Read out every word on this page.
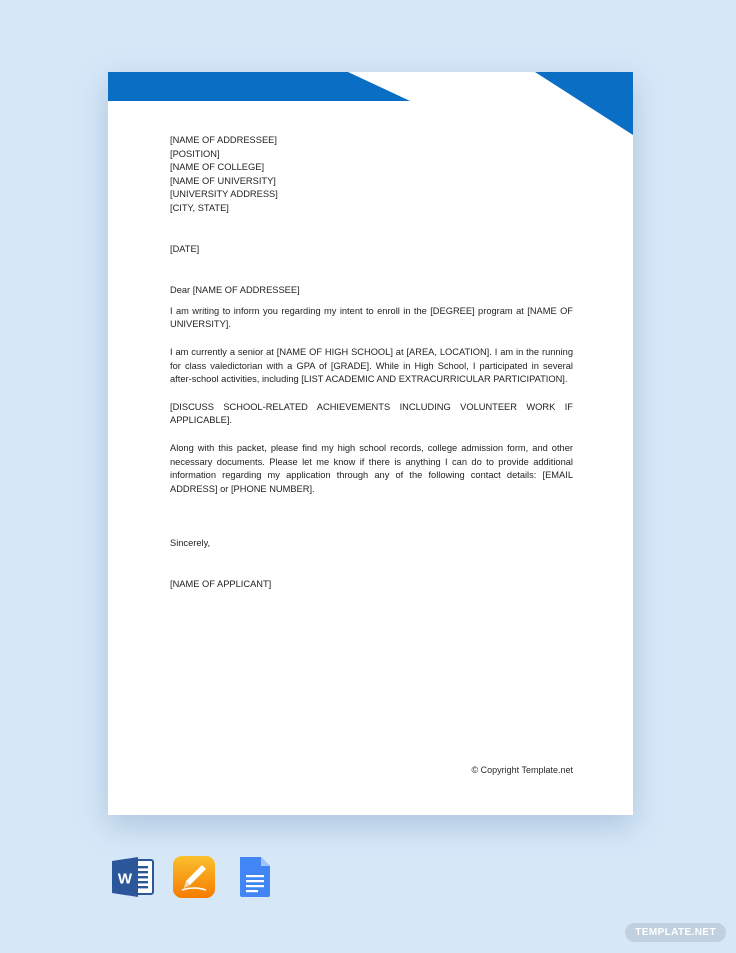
[NAME OF ADDRESSEE]
[POSITION]
[NAME OF COLLEGE]
[NAME OF UNIVERSITY]
[UNIVERSITY ADDRESS]
[CITY, STATE]
[DATE]
Dear [NAME OF ADDRESSEE]

I am writing to inform you regarding my intent to enroll in the [DEGREE] program at [NAME OF UNIVERSITY].

I am currently a senior at [NAME OF HIGH SCHOOL] at [AREA, LOCATION]. I am in the running for class valedictorian with a GPA of [GRADE]. While in High School, I participated in several after-school activities, including [LIST ACADEMIC AND EXTRACURRICULAR PARTICIPATION].

[DISCUSS SCHOOL-RELATED ACHIEVEMENTS INCLUDING VOLUNTEER WORK IF APPLICABLE].

Along with this packet, please find my high school records, college admission form, and other necessary documents. Please let me know if there is anything I can do to provide additional information regarding my application through any of the following contact details: [EMAIL ADDRESS] or [PHONE NUMBER].

Sincerely,
[NAME OF APPLICANT]
© Copyright Template.net
W
TEMPLATE.NET
